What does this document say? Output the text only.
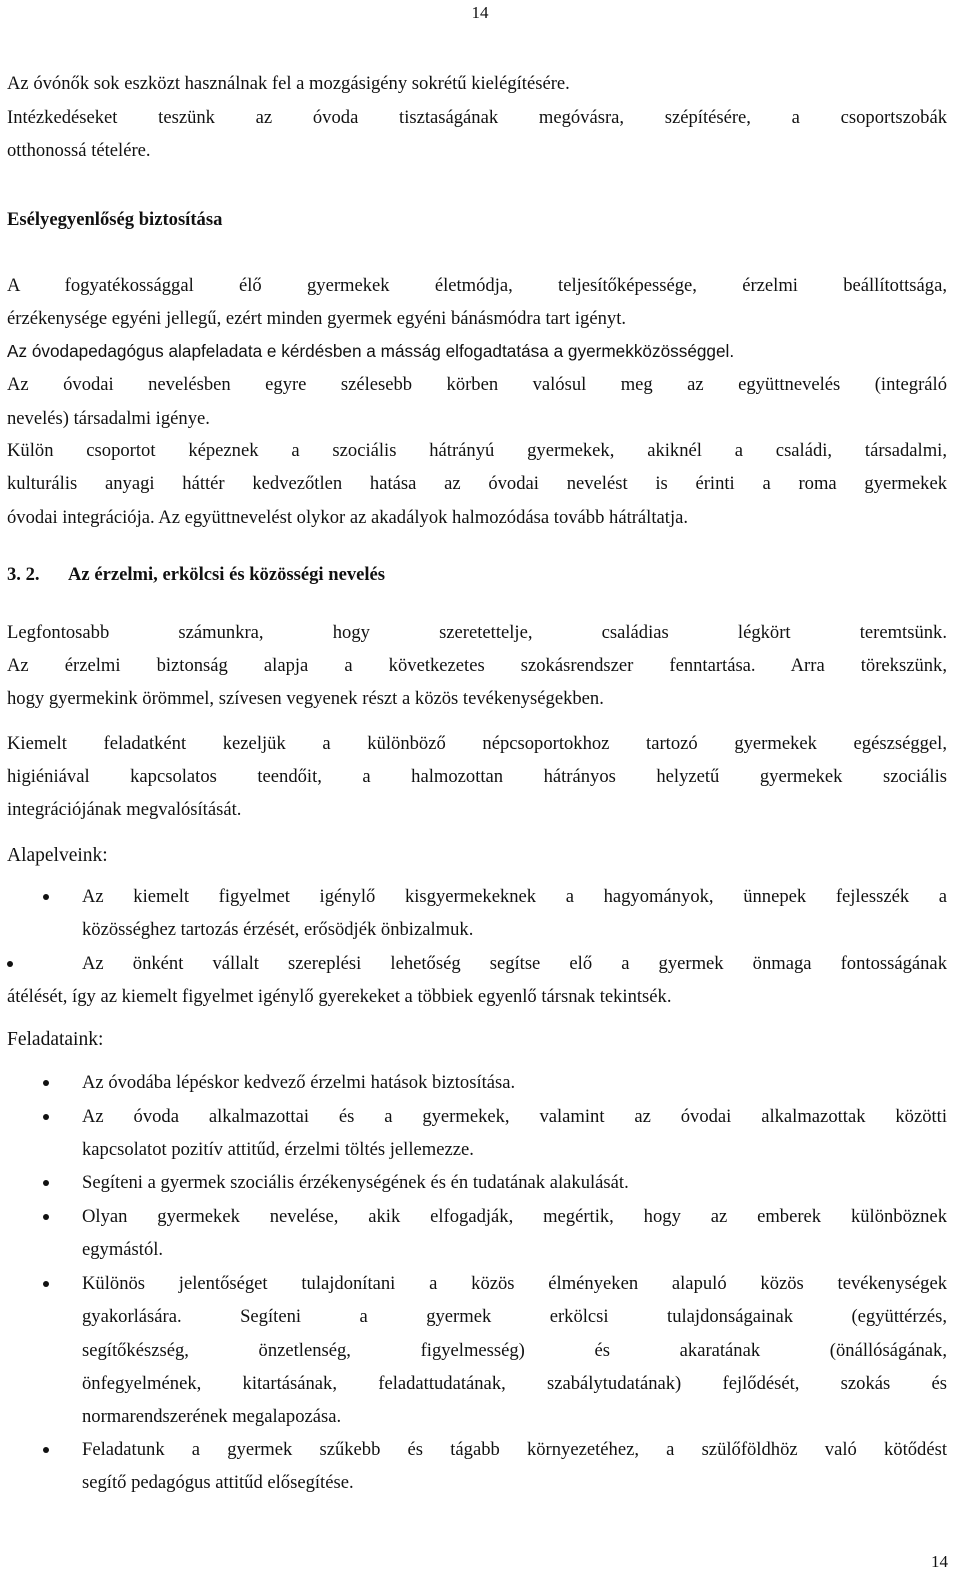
14
Az óvónők sok eszközt használnak fel a mozgásigény sokrétű kielégítésére.
Intézkedéseket teszünk az óvoda tisztaságának megóvásra, szépítésére, a csoportszobák
otthonossá tételére.
Esélyegyenlőség biztosítása
A fogyatékossággal élő gyermekek életmódja, teljesítőképessége, érzelmi beállítottsága,
érzékenysége egyéni jellegű, ezért minden gyermek egyéni bánásmódra tart igényt.
Az óvodapedagógus alapfeladata e kérdésben a másság elfogadtatása a gyermekközösséggel.
Az óvodai nevelésben egyre szélesebb körben valósul meg az együttnevelés (integráló
nevelés) társadalmi igénye.
Külön csoportot képeznek a szociális hátrányú gyermekek, akiknél a családi, társadalmi,
kulturális anyagi háttér kedvezőtlen hatása az óvodai nevelést is érinti a roma gyermekek
óvodai integrációja. Az együttnevelést olykor az akadályok halmozódása tovább hátráltatja.
3. 2.	Az érzelmi, erkölcsi és közösségi nevelés
Legfontosabb számunkra, hogy szeretettelje, családias légkört teremtsünk.
Az érzelmi biztonság alapja a következetes szokásrendszer fenntartása. Arra törekszünk,
hogy gyermekink örömmel, szívesen vegyenek részt a közös tevékenységekben.
Kiemelt feladatként kezeljük a különböző népcsoportokhoz tartozó gyermekek egészséggel,
higiéniával kapcsolatos teendőit, a halmozottan hátrányos helyzetű gyermekek szociális
integrációjának megvalósítását.
Alapelveink:
Az kiemelt figyelmet igénylő kisgyermekeknek a hagyományok, ünnepek fejlesszék a
közösséghez tartozás érzését, erősödjék önbizalmuk.
Az önként vállalt szereplési lehetőség segítse elő a gyermek önmaga fontosságának
átélését, így az kiemelt figyelmet igénylő gyerekeket a többiek egyenlő társnak tekintsék.
Feladataink:
Az óvodába lépéskor kedvező érzelmi hatások biztosítása.
Az óvoda alkalmazottai és a gyermekek, valamint az óvodai alkalmazottak közötti
kapcsolatot pozitív attitűd, érzelmi töltés jellemezze.
Segíteni a gyermek szociális érzékenységének és én tudatának alakulását.
Olyan gyermekek nevelése, akik elfogadják, megértik, hogy az emberek különböznek
egymástól.
Különös jelentőséget tulajdonítani a közös élményeken alapuló közös tevékenységek
gyakorlására. Segíteni a gyermek erkölcsi tulajdonságainak (együttérzés,
segítőkészség, önzetlenség, figyelmesség) és akaratának (önállóságának,
önfegyelmének, kitartásának, feladattudatának, szabálytudatának) fejlődését, szokás és
normarendszerének megalapozása.
Feladatunk a gyermek szűkebb és tágabb környezetéhez, a szülőföldhöz való kötődést
segítő pedagógus attitűd elősegítése.
14
